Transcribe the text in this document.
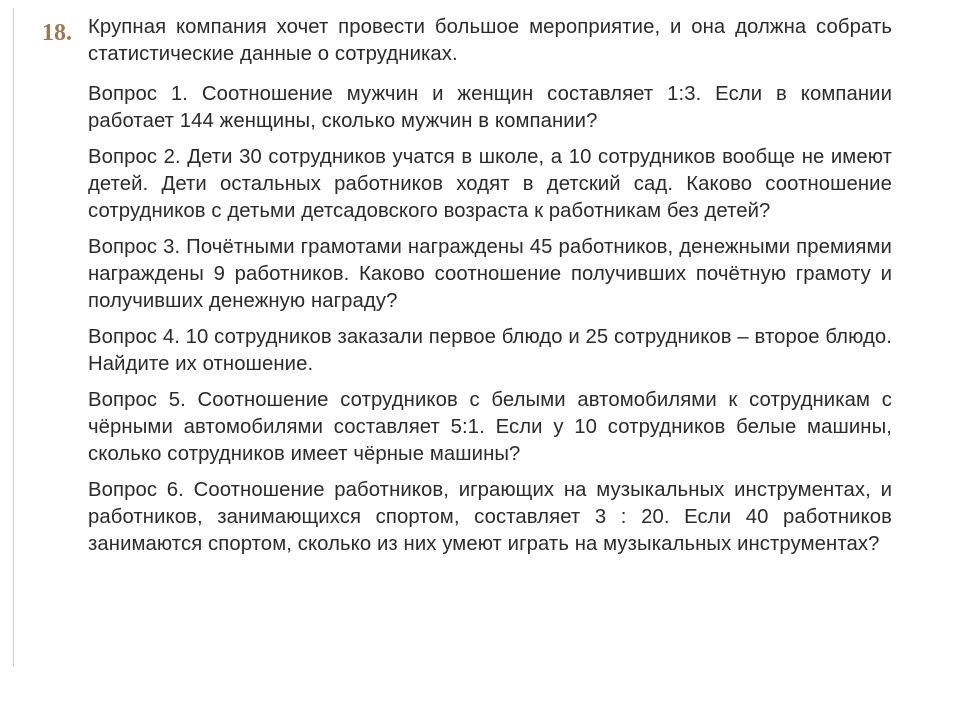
18. Крупная компания хочет провести большое мероприятие, и она должна собрать статистические данные о сотрудниках.

Вопрос 1. Соотношение мужчин и женщин составляет 1:3. Если в компании работает 144 женщины, сколько мужчин в компании?

Вопрос 2. Дети 30 сотрудников учатся в школе, а 10 сотрудников вообще не имеют детей. Дети остальных работников ходят в детский сад. Каково соотношение сотрудников с детьми детсадовского возраста к работникам без детей?

Вопрос 3. Почётными грамотами награждены 45 работников, денежными премиями награждены 9 работников. Каково соотношение получивших почётную грамоту и получивших денежную награду?

Вопрос 4. 10 сотрудников заказали первое блюдо и 25 сотрудников – второе блюдо. Найдите их отношение.

Вопрос 5. Соотношение сотрудников с белыми автомобилями к сотрудникам с чёрными автомобилями составляет 5:1. Если у 10 сотрудников белые машины, сколько сотрудников имеет чёрные машины?

Вопрос 6. Соотношение работников, играющих на музыкальных инструментах, и работников, занимающихся спортом, составляет 3 : 20. Если 40 работников занимаются спортом, сколько из них умеют играть на музыкальных инструментах?
